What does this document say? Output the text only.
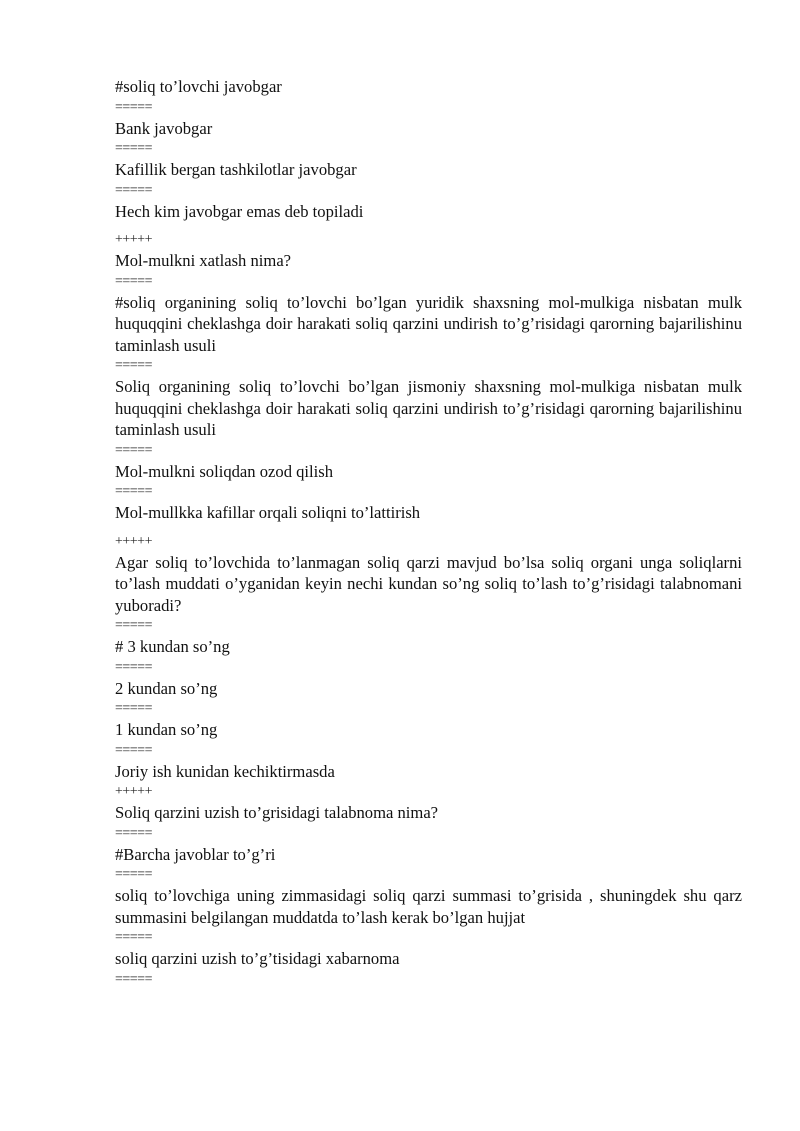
#soliq to’lovchi javobgar
=====
Bank javobgar
=====
Kafillik bergan tashkilotlar javobgar
=====
Hech kim javobgar emas deb topiladi
+++++
Mol-mulkni xatlash nima?
=====
#soliq organining soliq to’lovchi bo’lgan yuridik shaxsning mol-mulkiga nisbatan mulk huquqqini cheklashga doir harakati soliq qarzini undirish to’g’risidagi qarorning bajarilishinu taminlash usuli
=====
Soliq organining soliq to’lovchi bo’lgan jismoniy shaxsning mol-mulkiga nisbatan mulk huquqqini cheklashga doir harakati soliq qarzini undirish to’g’risidagi qarorning bajarilishinu taminlash usuli
=====
Mol-mulkni soliqdan ozod qilish
=====
Mol-mullkka kafillar orqali soliqni to’lattirish
+++++
Agar soliq to’lovchida to’lanmagan soliq qarzi mavjud bo’lsa soliq organi unga soliqlarni to’lash muddati o’yganidan keyin nechi kundan so’ng soliq to’lash to’g’risidagi talabnomani yuboradi?
=====
# 3 kundan so’ng
=====
2 kundan so’ng
=====
1 kundan so’ng
=====
Joriy ish kunidan kechiktirmasda
+++++
Soliq qarzini uzish to’grisidagi talabnoma nima?
=====
#Barcha javoblar to’g’ri
=====
soliq to’lovchiga uning zimmasidagi soliq qarzi summasi to’grisida , shuningdek shu qarz summasini belgilangan muddatda to’lash kerak bo’lgan hujjat
=====
soliq qarzini uzish to’g’tisidagi xabarnoma
=====
